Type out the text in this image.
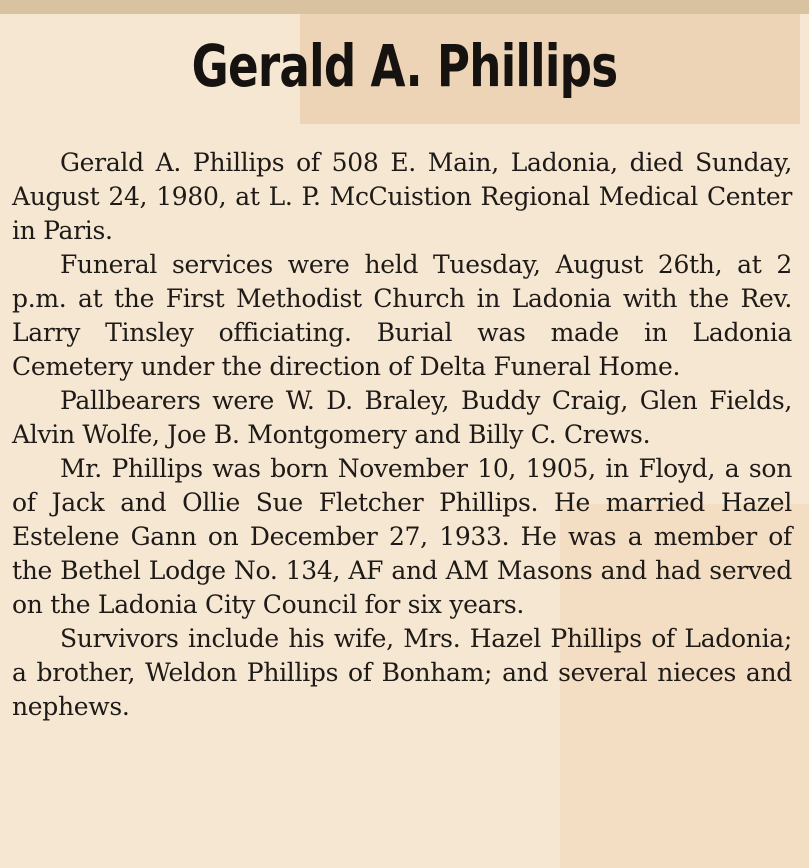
Gerald A. Phillips

Gerald A. Phillips of 508 E. Main, Ladonia, died Sunday, August 24, 1980, at L. P. McCuistion Regional Medical Center in Paris.

Funeral services were held Tuesday, August 26th, at 2 p.m. at the First Methodist Church in Ladonia with the Rev. Larry Tinsley officiating. Burial was made in Ladonia Cemetery under the direction of Delta Funeral Home.

Pallbearers were W. D. Braley, Buddy Craig, Glen Fields, Alvin Wolfe, Joe B. Montgomery and Billy C. Crews.

Mr. Phillips was born November 10, 1905, in Floyd, a son of Jack and Ollie Sue Fletcher Phillips. He married Hazel Estelene Gann on December 27, 1933. He was a member of the Bethel Lodge No. 134, AF and AM Masons and had served on the Ladonia City Council for six years.

Survivors include his wife, Mrs. Hazel Phillips of Ladonia; a brother, Weldon Phillips of Bonham; and several nieces and nephews.
